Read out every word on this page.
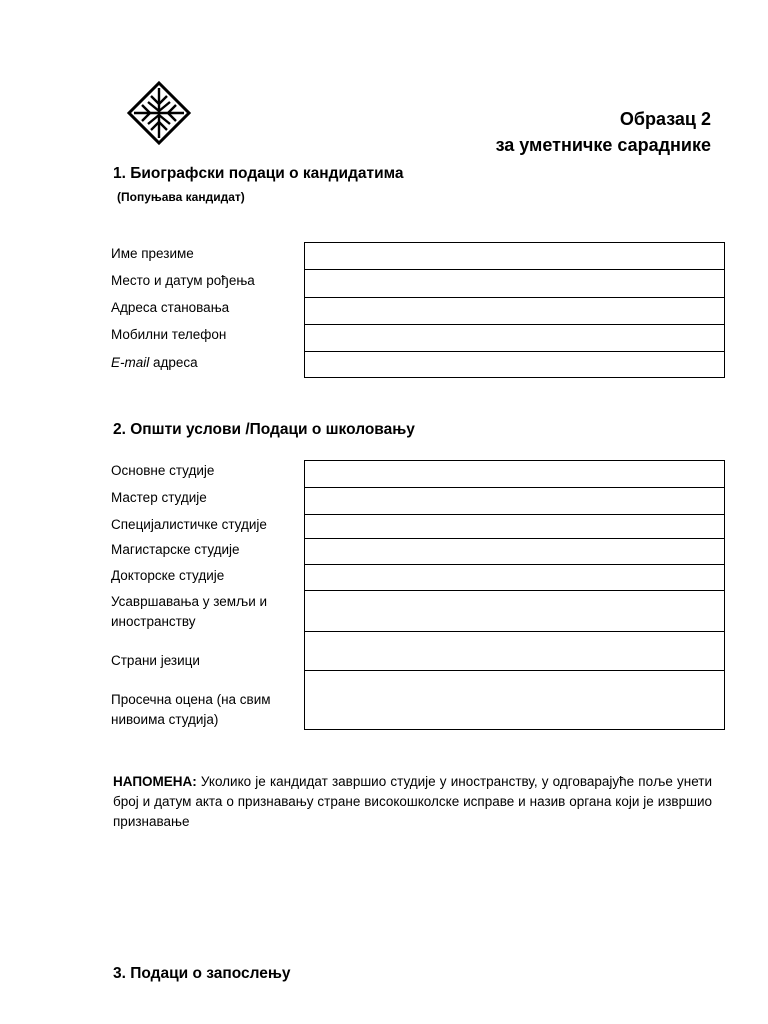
Образац 2
за уметничке сараднике
1. Биографски подаци о кандидатима
(Попуњава кандидат)
Име презиме
Место и датум рођења
Адреса становања
Мобилни телефон
E-mail адреса
2. Општи услови /Подаци о школовању
Основне студије
Мастер студије
Специјалистичке студије
Магистарске студије
Докторске студије
Усавршавања у земљи и иностранству
Страни језици
Просечна оцена (на свим нивоима студија)
НАПОМЕНА: Уколико је кандидат завршио студије у иностранству, у одговарајуће поље унети број и датум акта о признавању стране високошколске исправе и назив органа који је извршио признавање
3. Подаци о запослењу
